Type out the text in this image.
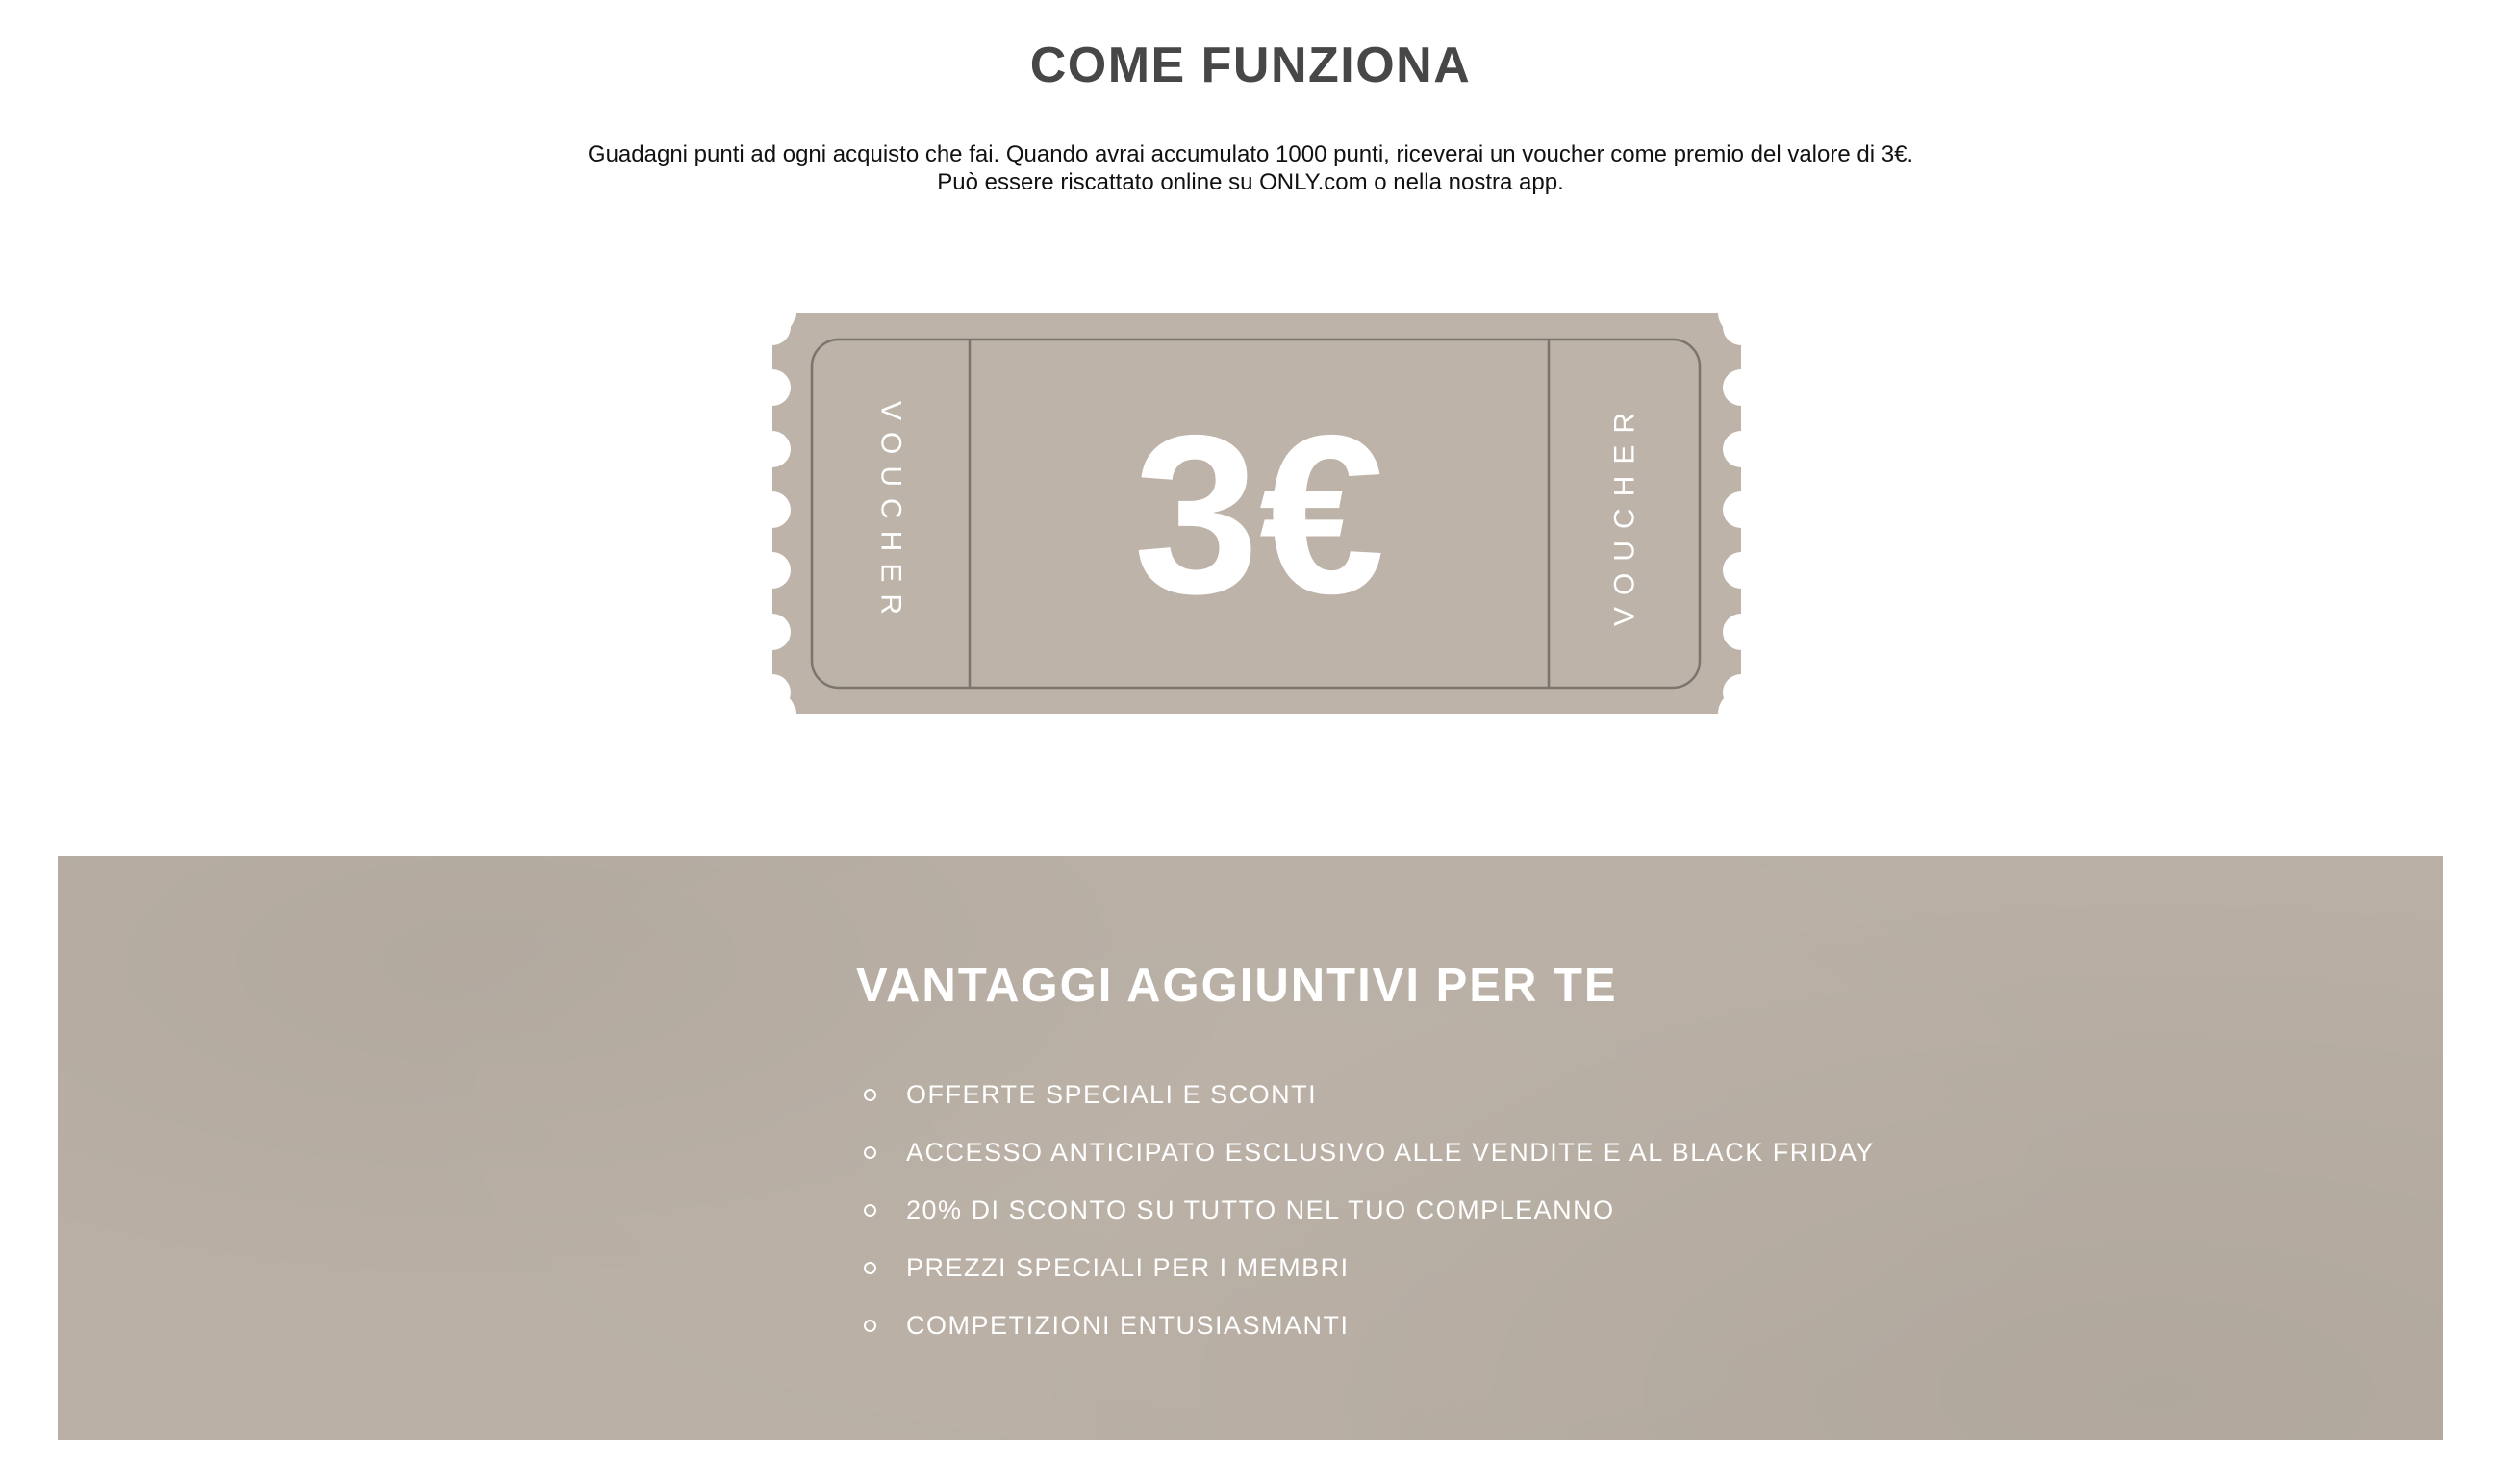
COME FUNZIONA
Guadagni punti ad ogni acquisto che fai. Quando avrai accumulato 1000 punti, riceverai un voucher come premio del valore di 3€.
Può essere riscattato online su ONLY.com o nella nostra app.
VOUCHER	VOUCHER
3€
VANTAGGI AGGIUNTIVI PER TE
OFFERTE SPECIALI E SCONTI
ACCESSO ANTICIPATO ESCLUSIVO ALLE VENDITE E AL BLACK FRIDAY
20% DI SCONTO SU TUTTO NEL TUO COMPLEANNO
PREZZI SPECIALI PER I MEMBRI
COMPETIZIONI ENTUSIASMANTI
